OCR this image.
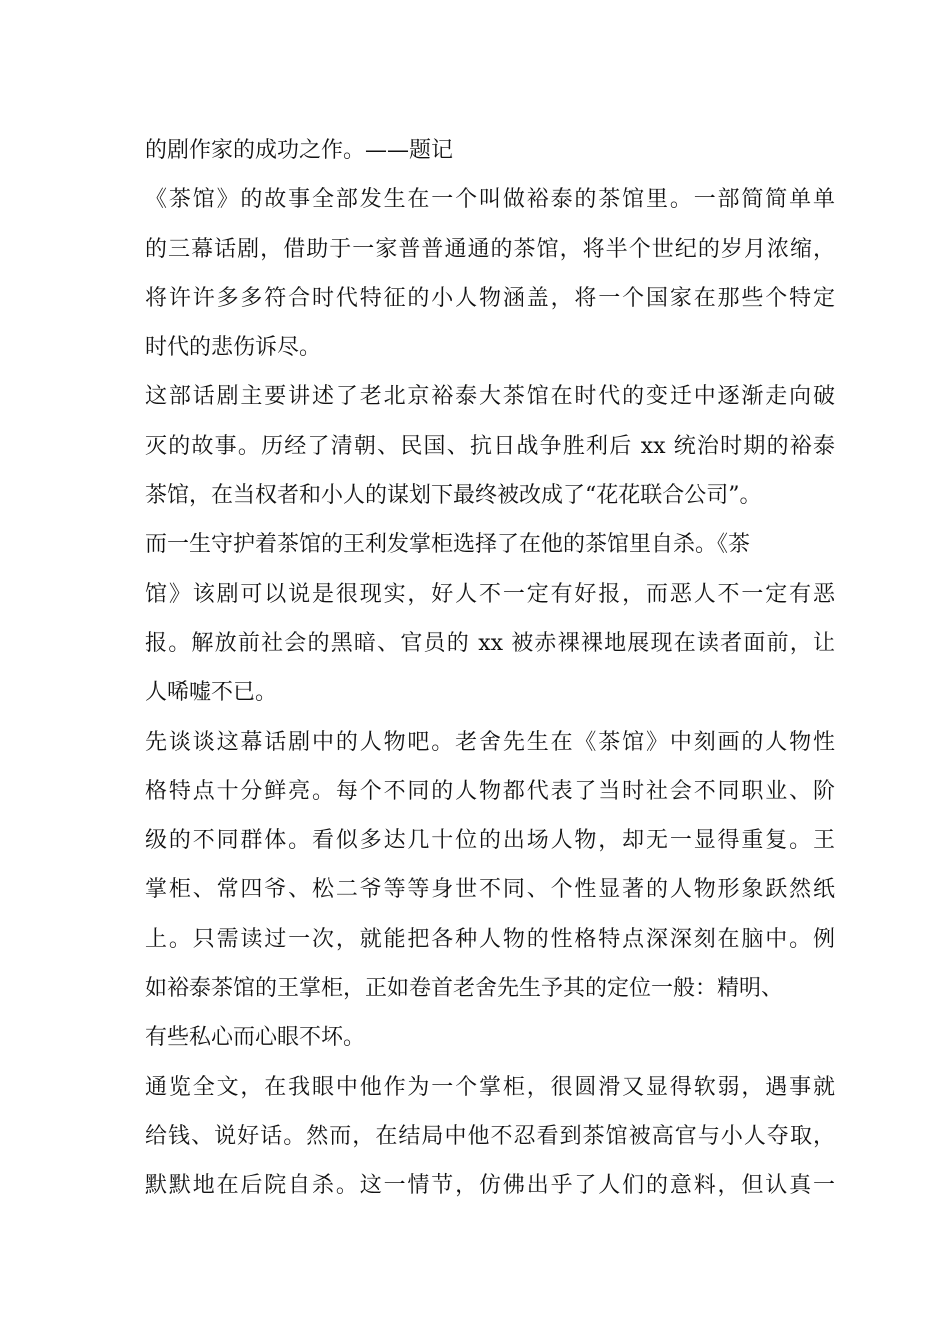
的剧作家的成功之作。——题记
《茶馆》的故事全部发生在一个叫做裕泰的茶馆里。一部简简单单
的三幕话剧，借助于一家普普通通的茶馆，将半个世纪的岁月浓缩，
将许许多多符合时代特征的小人物涵盖，将一个国家在那些个特定
时代的悲伤诉尽。
这部话剧主要讲述了老北京裕泰大茶馆在时代的变迁中逐渐走向破
灭的故事。历经了清朝、民国、抗日战争胜利后 xx 统治时期的裕泰
茶馆，在当权者和小人的谋划下最终被改成了“花花联合公司”。
而一生守护着茶馆的王利发掌柜选择了在他的茶馆里自杀。《茶
馆》该剧可以说是很现实，好人不一定有好报，而恶人不一定有恶
报。解放前社会的黑暗、官员的 xx 被赤裸裸地展现在读者面前，让
人唏嘘不已。
先谈谈这幕话剧中的人物吧。老舍先生在《茶馆》中刻画的人物性
格特点十分鲜亮。每个不同的人物都代表了当时社会不同职业、阶
级的不同群体。看似多达几十位的出场人物，却无一显得重复。王
掌柜、常四爷、松二爷等等身世不同、个性显著的人物形象跃然纸
上。只需读过一次，就能把各种人物的性格特点深深刻在脑中。例
如裕泰茶馆的王掌柜，正如卷首老舍先生予其的定位一般：精明、
有些私心而心眼不坏。
通览全文，在我眼中他作为一个掌柜，很圆滑又显得软弱，遇事就
给钱、说好话。然而，在结局中他不忍看到茶馆被高官与小人夺取，
默默地在后院自杀。这一情节，仿佛出乎了人们的意料，但认真一
